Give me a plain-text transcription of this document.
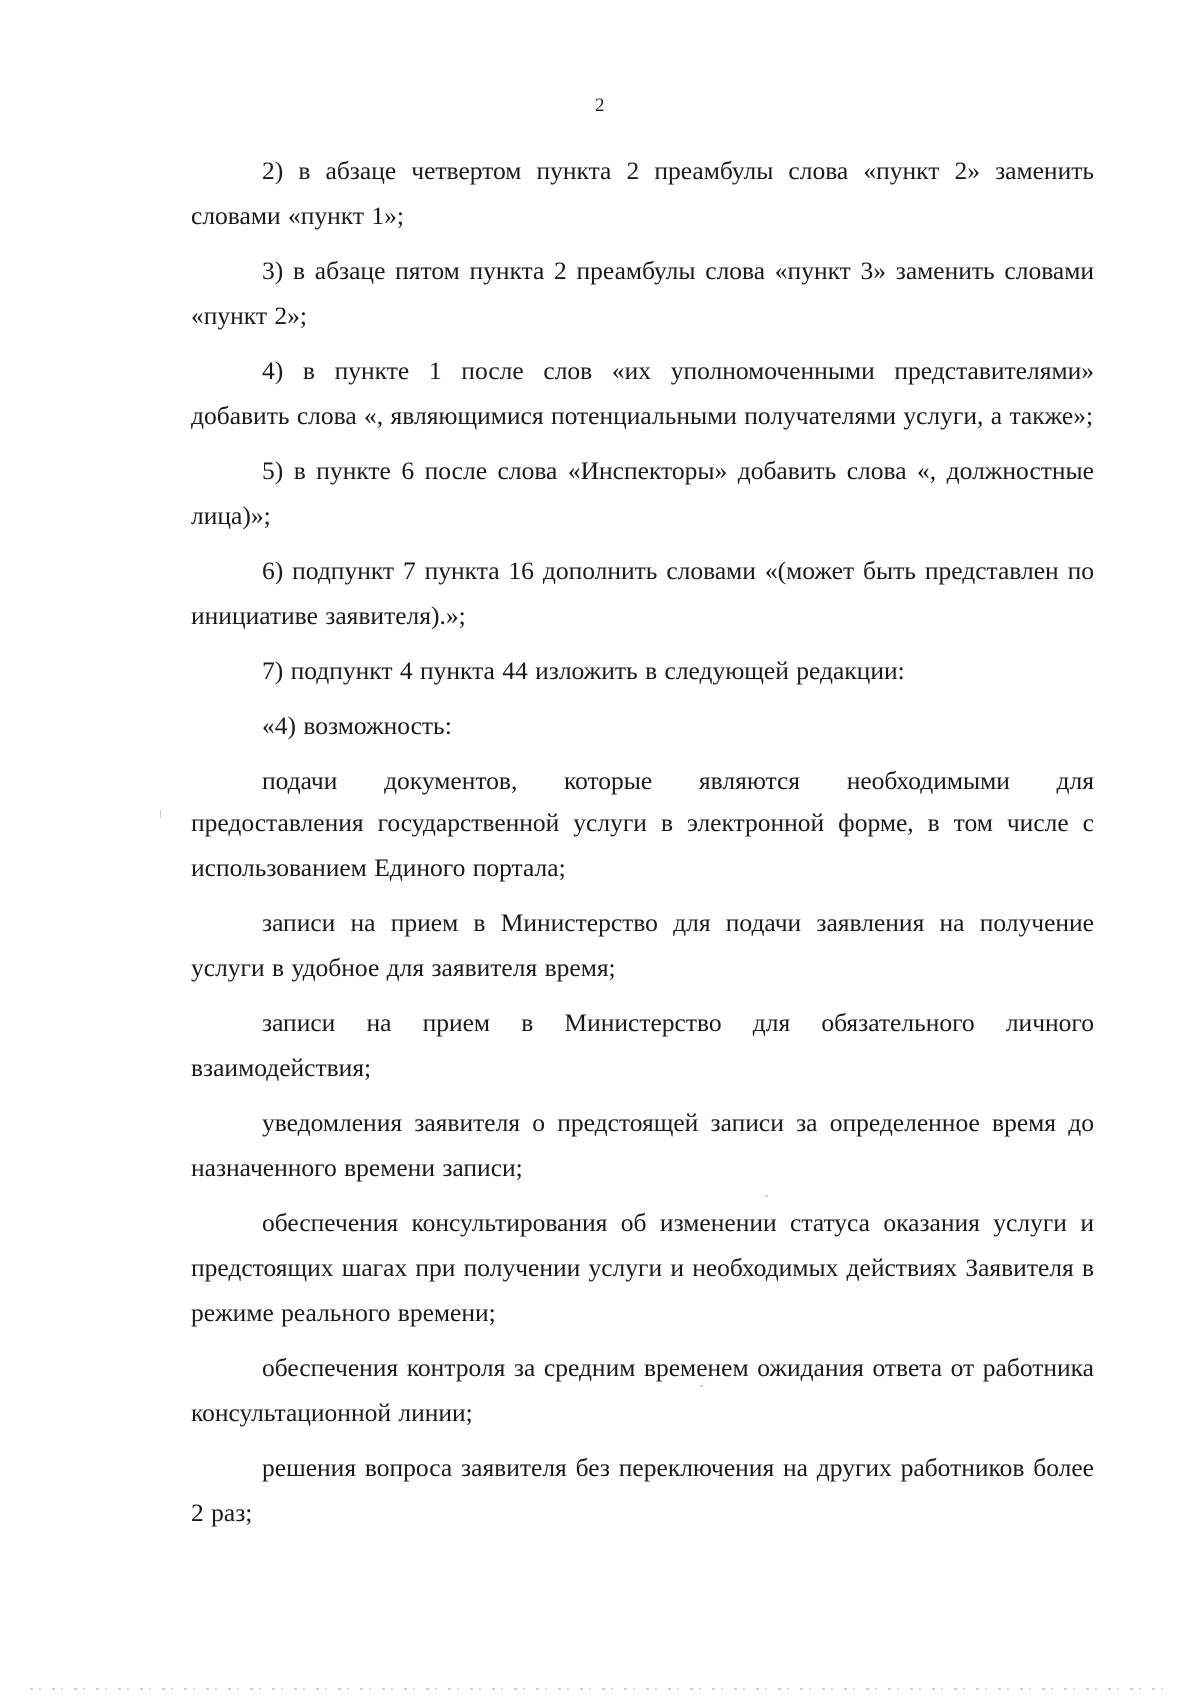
2

2) в абзаце четвертом пункта 2 преамбулы слова «пункт 2» заменить словами «пункт 1»;

3) в абзаце пятом пункта 2 преамбулы слова «пункт 3» заменить словами «пункт 2»;

4) в пункте 1 после слов «их уполномоченными представителями» добавить слова «, являющимися потенциальными получателями услуги, а также»;

5) в пункте 6 после слова «Инспекторы» добавить слова «, должностные лица)»;

6) подпункт 7 пункта 16 дополнить словами «(может быть представлен по инициативе заявителя).»;

7) подпункт 4 пункта 44 изложить в следующей редакции:

«4) возможность:

подачи документов, которые являются необходимыми для

предоставления государственной услуги в электронной форме, в том числе с использованием Единого портала;

записи на прием в Министерство для подачи заявления на получение услуги в удобное для заявителя время;

записи на прием в Министерство для обязательного личного взаимодействия;

уведомления заявителя о предстоящей записи за определенное время до назначенного времени записи;

обеспечения консультирования об изменении статуса оказания услуги и предстоящих шагах при получении услуги и необходимых действиях Заявителя в режиме реального времени;

обеспечения контроля за средним временем ожидания ответа от работника консультационной линии;

решения вопроса заявителя без переключения на других работников более 2 раз;
